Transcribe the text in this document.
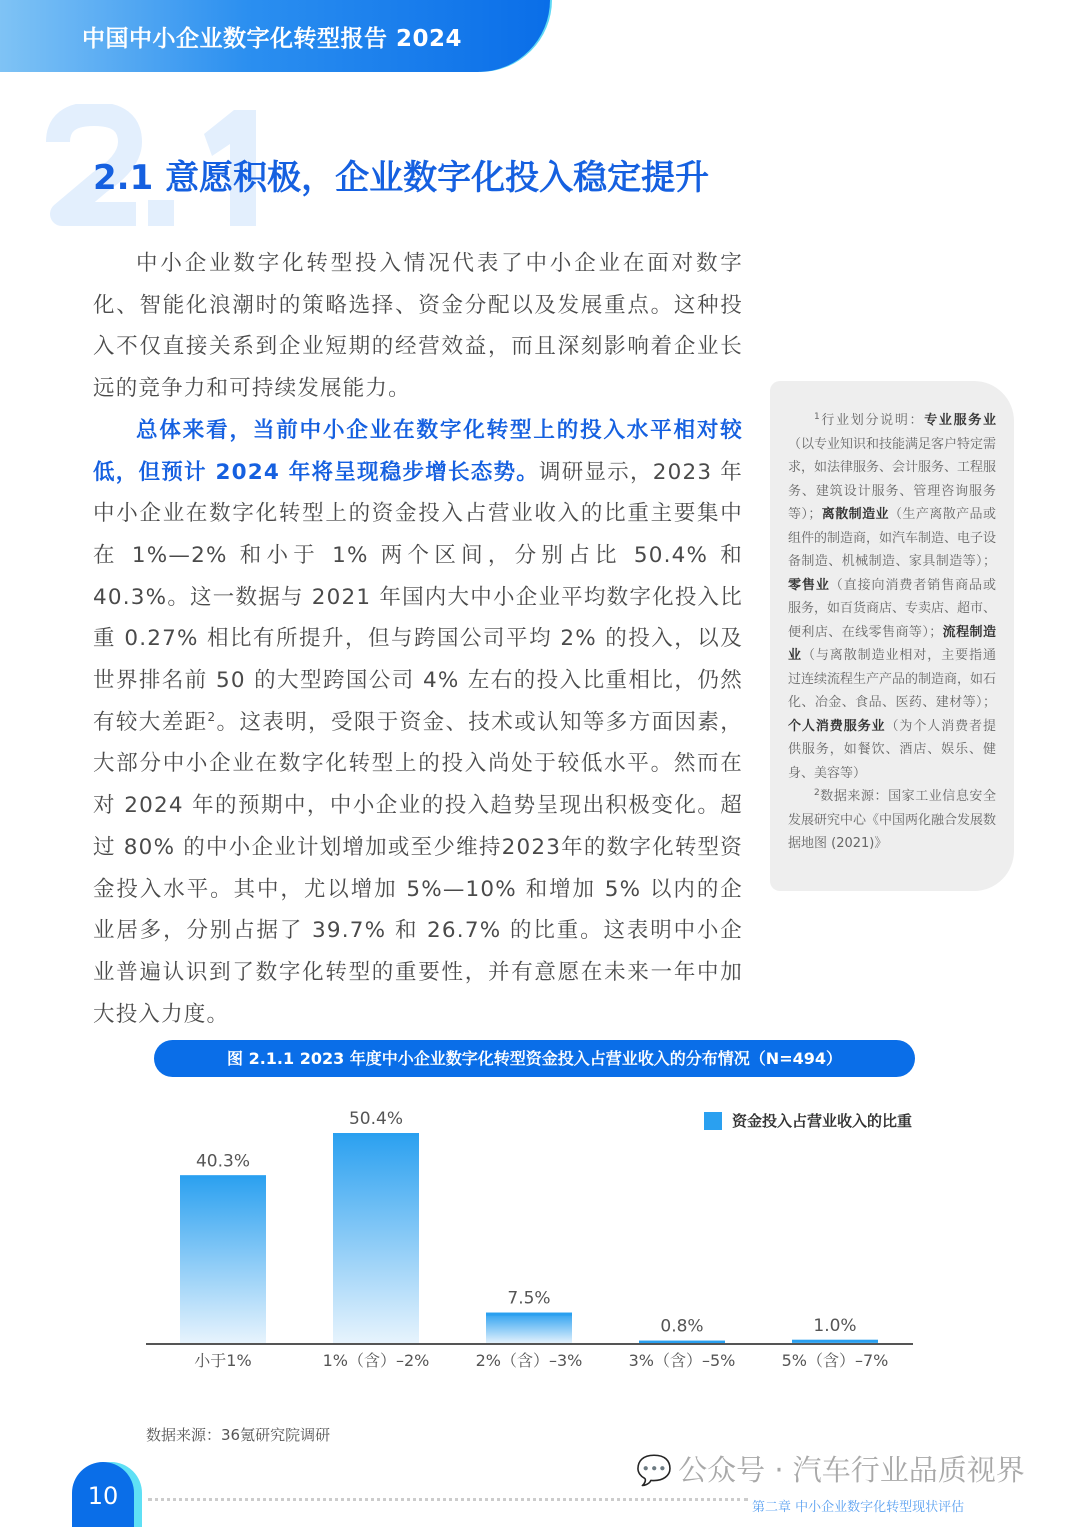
中国中小企业数字化转型报告 2024
2.1 意愿积极，企业数字化投入稳定提升

中小企业数字化转型投入情况代表了中小企业在面对数字化、智能化浪潮时的策略选择、资金分配以及发展重点。这种投入不仅直接关系到企业短期的经营效益，而且深刻影响着企业长远的竞争力和可持续发展能力。

总体来看，当前中小企业在数字化转型上的投入水平相对较低，但预计 2024 年将呈现稳步增长态势。调研显示，2023 年中小企业在数字化转型上的资金投入占营业收入的比重主要集中在 1%—2% 和小于 1% 两个区间，分别占比 50.4% 和 40.3%。这一数据与 2021 年国内大中小企业平均数字化投入比重 0.27% 相比有所提升，但与跨国公司平均 2% 的投入，以及世界排名前 50 的大型跨国公司 4% 左右的投入比重相比，仍然有较大差距$^2$。这表明，受限于资金、技术或认知等多方面因素，大部分中小企业在数字化转型上的投入尚处于较低水平。然而在对 2024 年的预期中，中小企业的投入趋势呈现出积极变化。超过 80% 的中小企业计划增加或至少维持2023年的数字化转型资金投入水平。其中，尤以增加 5%—10% 和增加 5% 以内的企业居多，分别占据了 39.7% 和 26.7% 的比重。这表明中小企业普遍认识到了数字化转型的重要性，并有意愿在未来一年中加大投入力度。

$^1$行业划分说明：专业服务业（以专业知识和技能满足客户特定需求，如法律服务、会计服务、工程服务、建筑设计服务、管理咨询服务等）；离散制造业（生产离散产品或组件的制造商，如汽车制造、电子设备制造、机械制造、家具制造等）；零售业（直接向消费者销售商品或服务，如百货商店、专卖店、超市、便利店、在线零售商等）；流程制造业（与离散制造业相对，主要指通过连续流程生产产品的制造商，如石化、冶金、食品、医药、建材等）；个人消费服务业（为个人消费者提供服务，如餐饮、酒店、娱乐、健身、美容等）

$^2$数据来源：国家工业信息安全发展研究中心《中国两化融合发展数据地图 (2021)》

图 2.1.1 2023 年度中小企业数字化转型资金投入占营业收入的分布情况（N=494）
资金投入占营业收入的比重
40.3%
小于1%
50.4%
1%（含）–2%
7.5%
2%（含）–3%
0.8%
3%（含）–5%
1.0%
5%（含）–7%
数据来源：36氪研究院调研
10
💬 公众号 · 汽车行业品质视界
第二章 中小企业数字化转型现状评估
